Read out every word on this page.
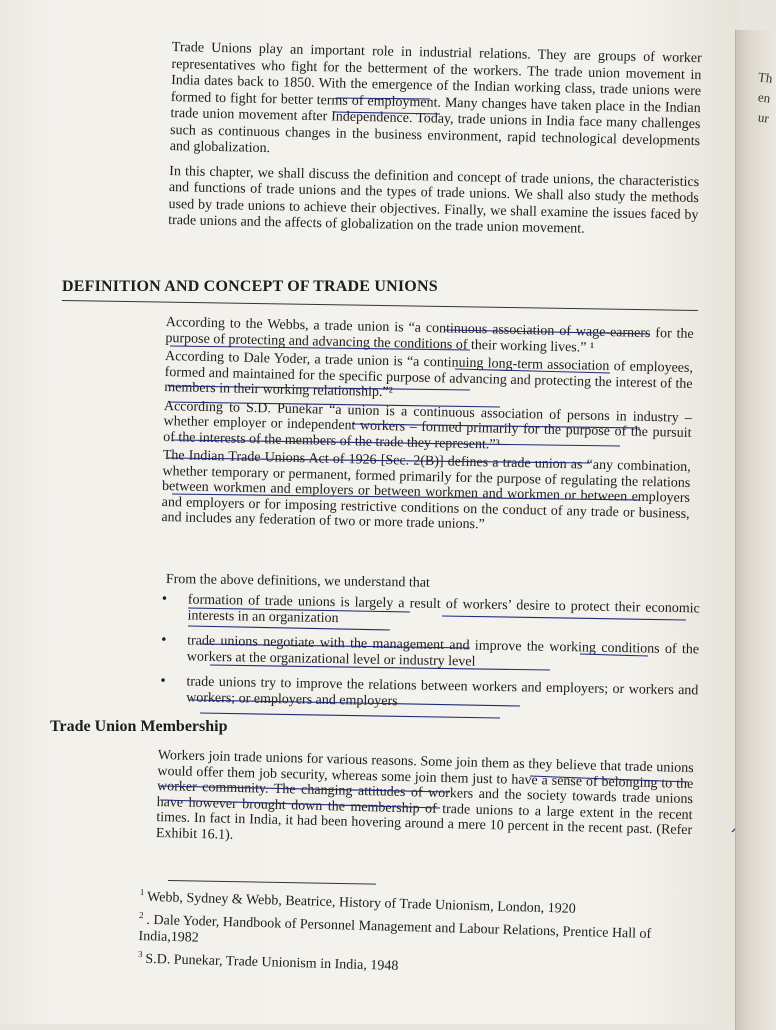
Trade Unions play an important role in industrial relations. They are groups of worker representatives who fight for the betterment of the workers. The trade union movement in India dates back to 1850. With the emergence of the Indian working class, trade unions were formed to fight for better terms of employment. Many changes have taken place in the Indian trade union movement after Independence. Today, trade unions in India face many challenges such as continuous changes in the business environment, rapid technological developments and globalization.

In this chapter, we shall discuss the definition and concept of trade unions, the characteristics and functions of trade unions and the types of trade unions. We shall also study the methods used by trade unions to achieve their objectives. Finally, we shall examine the issues faced by trade unions and the affects of globalization on the trade union movement.

DEFINITION AND CONCEPT OF TRADE UNIONS

According to the Webbs, a trade union is “a continuous association of wage-earners for the purpose of protecting and advancing the conditions of their working lives.” ¹

According to Dale Yoder, a trade union is “a continuing long-term association of employees, formed and maintained for the specific purpose of advancing and protecting the interest of the members in their working relationship.”²

According to S.D. Punekar “a union is a continuous association of persons in industry – whether employer or independent workers – formed primarily for the purpose of the pursuit of the interests of the members of the trade they represent.”³

The Indian Trade Unions Act of 1926 [Sec. 2(B)] defines a trade union as “any combination, whether temporary or permanent, formed primarily for the purpose of regulating the relations between workmen and employers or between workmen and workmen or between employers and employers or for imposing restrictive conditions on the conduct of any trade or business, and includes any federation of two or more trade unions.”

From the above definitions, we understand that
• formation of trade unions is largely a result of workers’ desire to protect their economic interests in an organization
• trade unions negotiate with the management and improve the working conditions of the workers at the organizational level or industry level
• trade unions try to improve the relations between workers and employers; or workers and workers; or employers and employers
Trade Union Membership

Workers join trade unions for various reasons. Some join them as they believe that trade unions would offer them job security, whereas some join them just to have a sense of belonging to the worker community. The changing attitudes of workers and the society towards trade unions have however brought down the membership of trade unions to a large extent in the recent times. In fact in India, it had been hovering around a mere 10 percent in the recent past. (Refer Exhibit 16.1).

$^1$ Webb, Sydney & Webb, Beatrice, History of Trade Unionism, London, 1920
$^2$ . Dale Yoder, Handbook of Personnel Management and Labour Relations, Prentice Hall of India,1982
$^3$ S.D. Punekar, Trade Unionism in India, 1948
Th
en
ur
